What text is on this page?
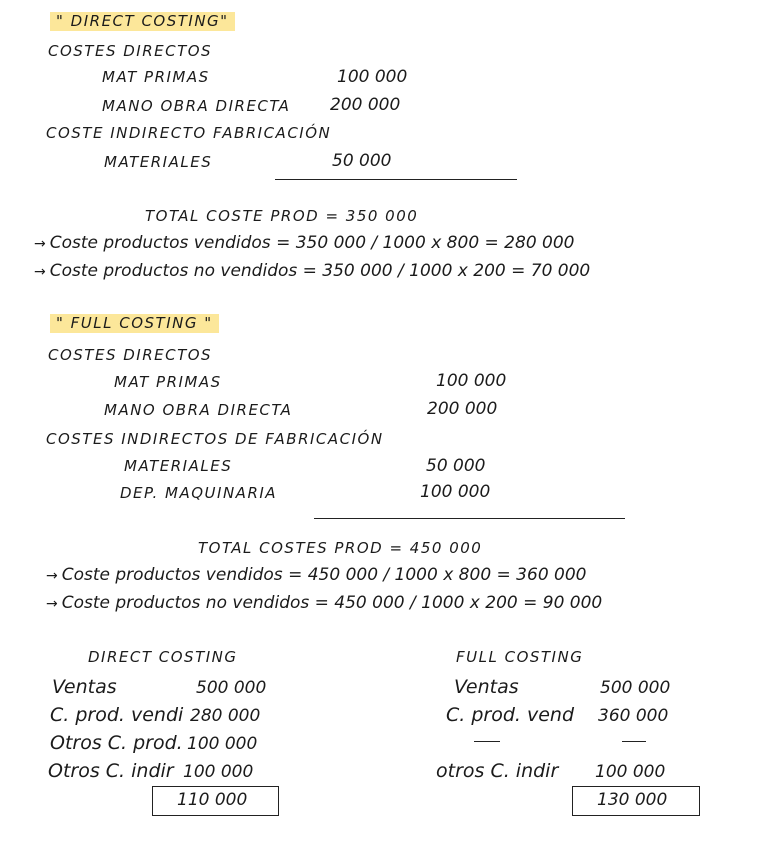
" DIRECT COSTING"
COSTES DIRECTOS
MAT PRIMAS	100 000
MANO OBRA DIRECTA 200 000
COSTE INDIRECTO FABRICACIÓN
MATERIALES	50 000
TOTAL COSTE PROD = 350 000
→ Coste productos vendidos = 350 000 / 1000 x 800 = 280 000
→ Coste productos no vendidos = 350 000 / 1000 x 200 = 70 000
" FULL COSTING "
COSTES DIRECTOS
MAT PRIMAS	100 000
MANO OBRA DIRECTA	200 000
COSTES INDIRECTOS DE FABRICACIÓN
MATERIALES	50 000
DEP. MAQUINARIA	100 000
TOTAL COSTES PROD = 450 000
→ Coste productos vendidos = 450 000 / 1000 x 800 = 360 000
→ Coste productos no vendidos = 450 000 / 1000 x 200 = 90 000
DIRECT COSTING
Ventas	500 000
C. prod. vendi 280 000
Otros C. prod. 100 000
Otros C. indir 100 000
110 000
FULL COSTING
Ventas	500 000
C. prod. vend 360 000
otros C. indir 100 000
130 000
